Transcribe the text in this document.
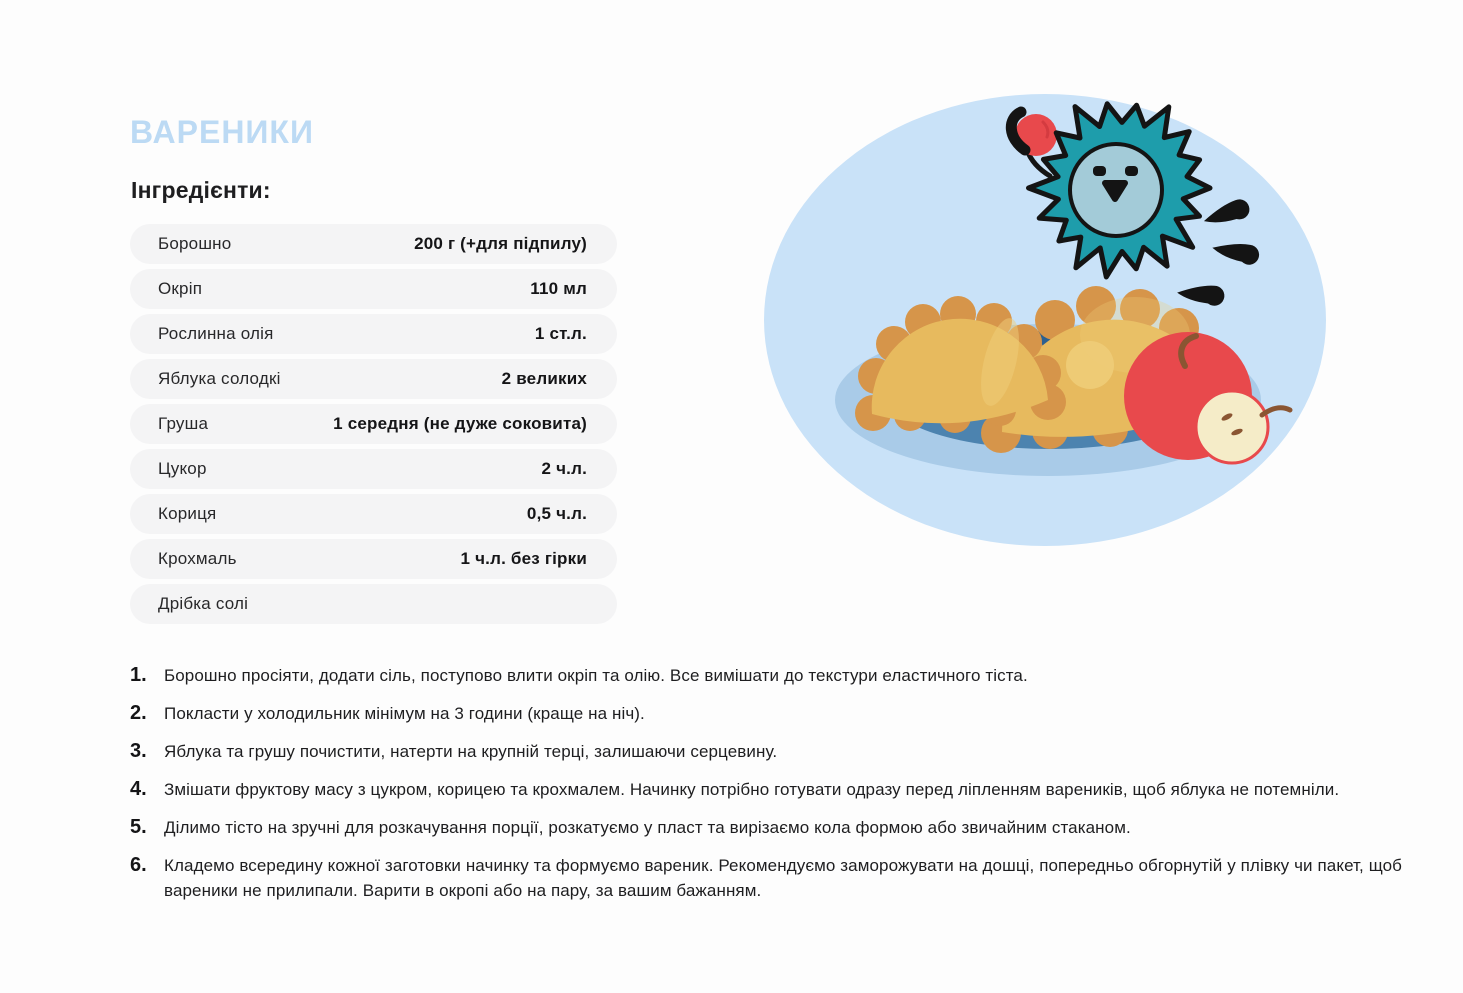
ВАРЕНИКИ
Інгредієнти:
Борошно	200 г (+для підпилу)
Окріп	110 мл
Рослинна олія	1 ст.л.
Яблука солодкі	2 великих
Груша	1 середня (не дуже соковита)
Цукор	2 ч.л.
Кориця	0,5 ч.л.
Крохмаль	1 ч.л. без гірки
Дрібка солі
1.	Борошно просіяти, додати сіль, поступово влити окріп та олію. Все вимішати до текстури еластичного тіста.
2.	Покласти у холодильник мінімум на 3 години (краще на ніч).
3.	Яблука та грушу почистити, натерти на крупній терці, залишаючи серцевину.
4.	Змішати фруктову масу з цукром, корицею та крохмалем. Начинку потрібно готувати одразу перед ліпленням вареників, щоб яблука не потемніли.
5.	Ділимо тісто на зручні для розкачування порції, розкатуємо у пласт та вирізаємо кола формою або звичайним стаканом.
6.	Кладемо всередину кожної заготовки начинку та формуємо вареник. Рекомендуємо заморожувати на дошці, попередньо обгорнутій у плівку чи пакет, щоб вареники не прилипали. Варити в окропі або на пару, за вашим бажанням.
